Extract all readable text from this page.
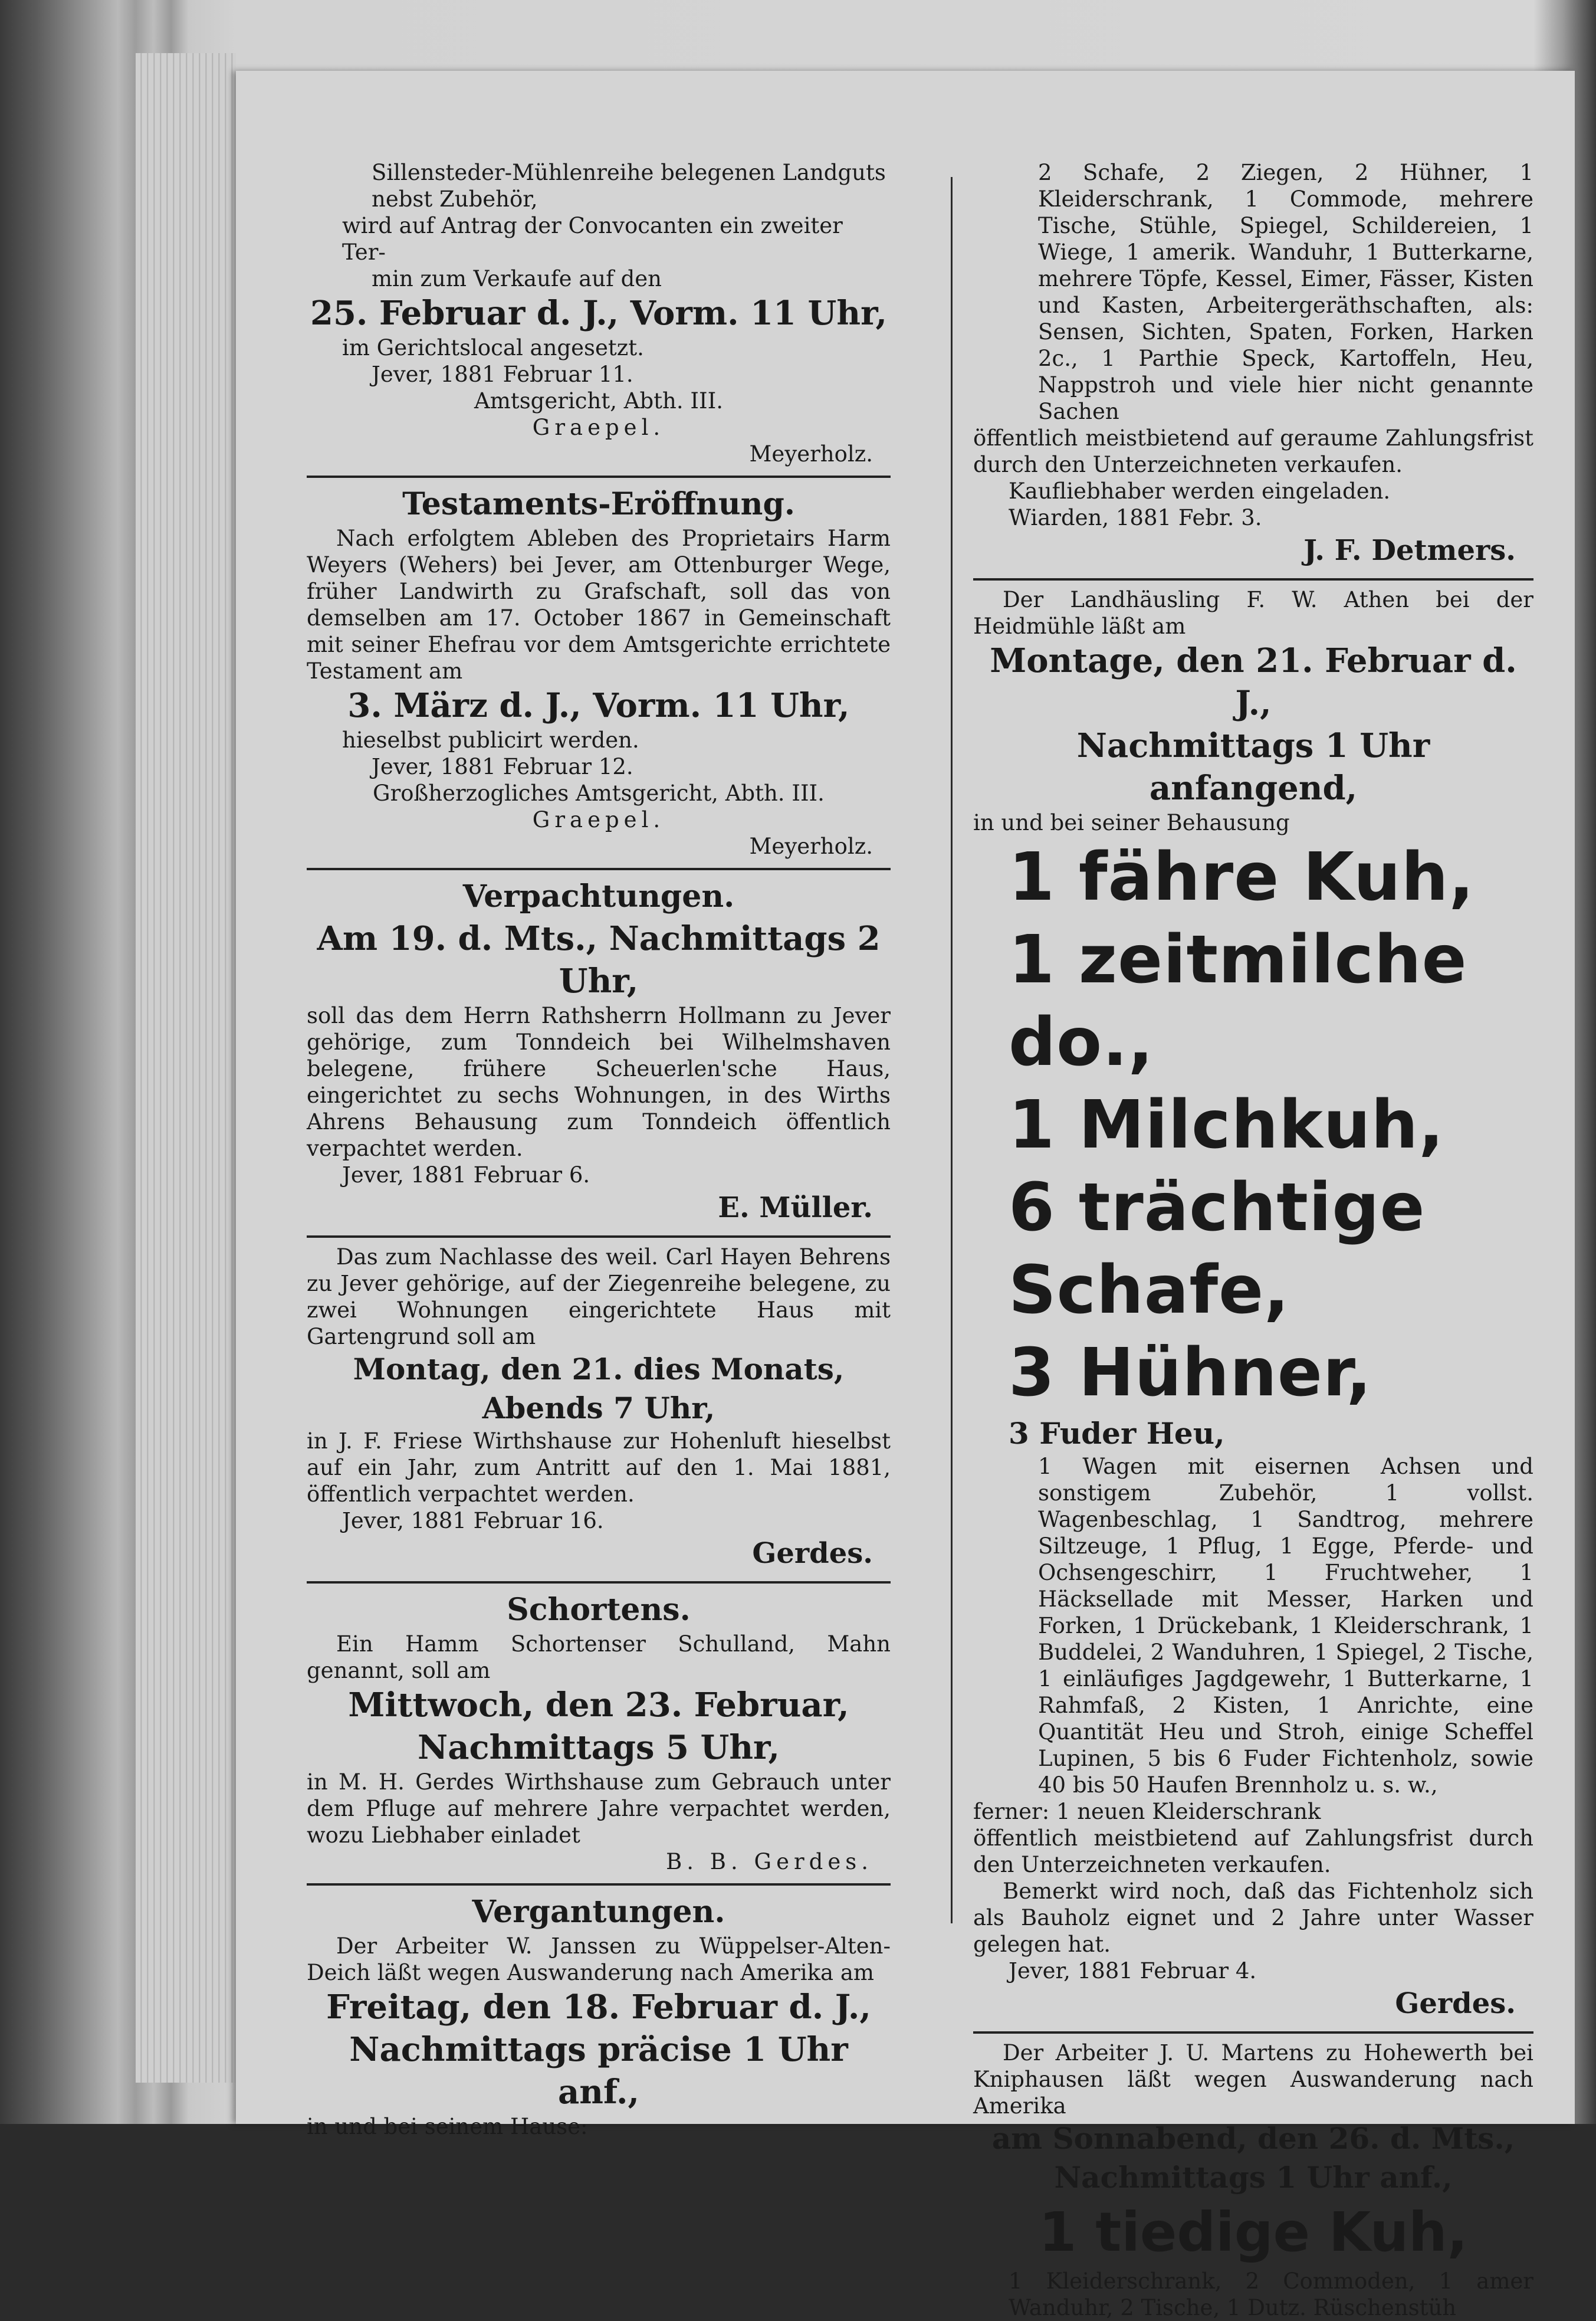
Sillensteder-Mühlenreihe belegenen Landguts

nebst Zubehör,

wird auf Antrag der Convocanten ein zweiter Ter-

min zum Verkaufe auf den

25. Februar d. J., Vorm. 11 Uhr,

im Gerichtslocal angesetzt.

Jever, 1881 Februar 11.

Amtsgericht, Abth. III.

Graepel.

Meyerholz.

Testaments-Eröffnung.

Nach erfolgtem Ableben des Proprietairs Harm Weyers (Wehers) bei Jever, am Ottenburger Wege, früher Landwirth zu Grafschaft, soll das von demselben am 17. October 1867 in Gemeinschaft mit seiner Ehefrau vor dem Amtsgerichte errichtete Testament am

3. März d. J., Vorm. 11 Uhr,

hieselbst publicirt werden.

Jever, 1881 Februar 12.

Großherzogliches Amtsgericht, Abth. III.

Graepel.

Meyerholz.

Verpachtungen.

Am 19. d. Mts., Nachmittags 2 Uhr,

soll das dem Herrn Rathsherrn Hollmann zu Jever gehörige, zum Tonndeich bei Wilhelmshaven belegene, frühere Scheuerlen'sche Haus, eingerichtet zu sechs Wohnungen, in des Wirths Ahrens Behausung zum Tonndeich öffentlich verpachtet werden.

Jever, 1881 Februar 6.

E. Müller.

Das zum Nachlasse des weil. Carl Hayen Behrens zu Jever gehörige, auf der Ziegenreihe belegene, zu zwei Wohnungen eingerichtete Haus mit Gartengrund soll am

Montag, den 21. dies Monats,

Abends 7 Uhr,

in J. F. Friese Wirthshause zur Hohenluft hieselbst auf ein Jahr, zum Antritt auf den 1. Mai 1881, öffentlich verpachtet werden.

Jever, 1881 Februar 16.

Gerdes.

Schortens.

Ein Hamm Schortenser Schulland, Mahn genannt, soll am

Mittwoch, den 23. Februar,

Nachmittags 5 Uhr,

in M. H. Gerdes Wirthshause zum Gebrauch unter dem Pfluge auf mehrere Jahre verpachtet werden, wozu Liebhaber einladet

B. B. Gerdes.

Vergantungen.

Der Arbeiter W. Janssen zu Wüppelser-Alten-Deich läßt wegen Auswanderung nach Amerika am

Freitag, den 18. Februar d. J.,

Nachmittags präcise 1 Uhr anf.,

in und bei seinem Hause:

2 Schafe, 2 Ziegen, 2 Hühner, 1 Kleiderschrank, 1 Commode, mehrere Tische, Stühle, Spiegel, Schildereien, 1 Wiege, 1 amerik. Wanduhr, 1 Butterkarne, mehrere Töpfe, Kessel, Eimer, Fässer, Kisten und Kasten, Arbeitergeräthschaften, als: Sensen, Sichten, Spaten, Forken, Harken 2c., 1 Parthie Speck, Kartoffeln, Heu, Nappstroh und viele hier nicht genannte Sachen

öffentlich meistbietend auf geraume Zahlungsfrist durch den Unterzeichneten verkaufen.

Kaufliebhaber werden eingeladen.

Wiarden, 1881 Febr. 3.

J. F. Detmers.

Der Landhäusling F. W. Athen bei der Heidmühle läßt am

Montage, den 21. Februar d. J.,

Nachmittags 1 Uhr anfangend,

in und bei seiner Behausung

1 fähre Kuh,

1 zeitmilche do.,

1 Milchkuh,

6 trächtige Schafe,

3 Hühner,

3 Fuder Heu,

1 Wagen mit eisernen Achsen und sonstigem Zubehör, 1 vollst. Wagenbeschlag, 1 Sandtrog, mehrere Siltzeuge, 1 Pflug, 1 Egge, Pferde- und Ochsengeschirr, 1 Fruchtweher, 1 Häcksellade mit Messer, Harken und Forken, 1 Drückebank, 1 Kleiderschrank, 1 Buddelei, 2 Wanduhren, 1 Spiegel, 2 Tische, 1 einläufiges Jagdgewehr, 1 Butterkarne, 1 Rahmfaß, 2 Kisten, 1 Anrichte, eine Quantität Heu und Stroh, einige Scheffel Lupinen, 5 bis 6 Fuder Fichtenholz, sowie 40 bis 50 Haufen Brennholz u. s. w.,

ferner: 1 neuen Kleiderschrank

öffentlich meistbietend auf Zahlungsfrist durch den Unterzeichneten verkaufen.

Bemerkt wird noch, daß das Fichtenholz sich als Bauholz eignet und 2 Jahre unter Wasser gelegen hat.

Jever, 1881 Februar 4.

Gerdes.

Der Arbeiter J. U. Martens zu Hohewerth bei Kniphausen läßt wegen Auswanderung nach Amerika

am Sonnabend, den 26. d. Mts.,

Nachmittags 1 Uhr anf.,

1 tiedige Kuh,

1 Kleiderschrank, 2 Commoden, 1 amer Wanduhr, 2 Tische, 1 Dutz. Rüschenstüh
